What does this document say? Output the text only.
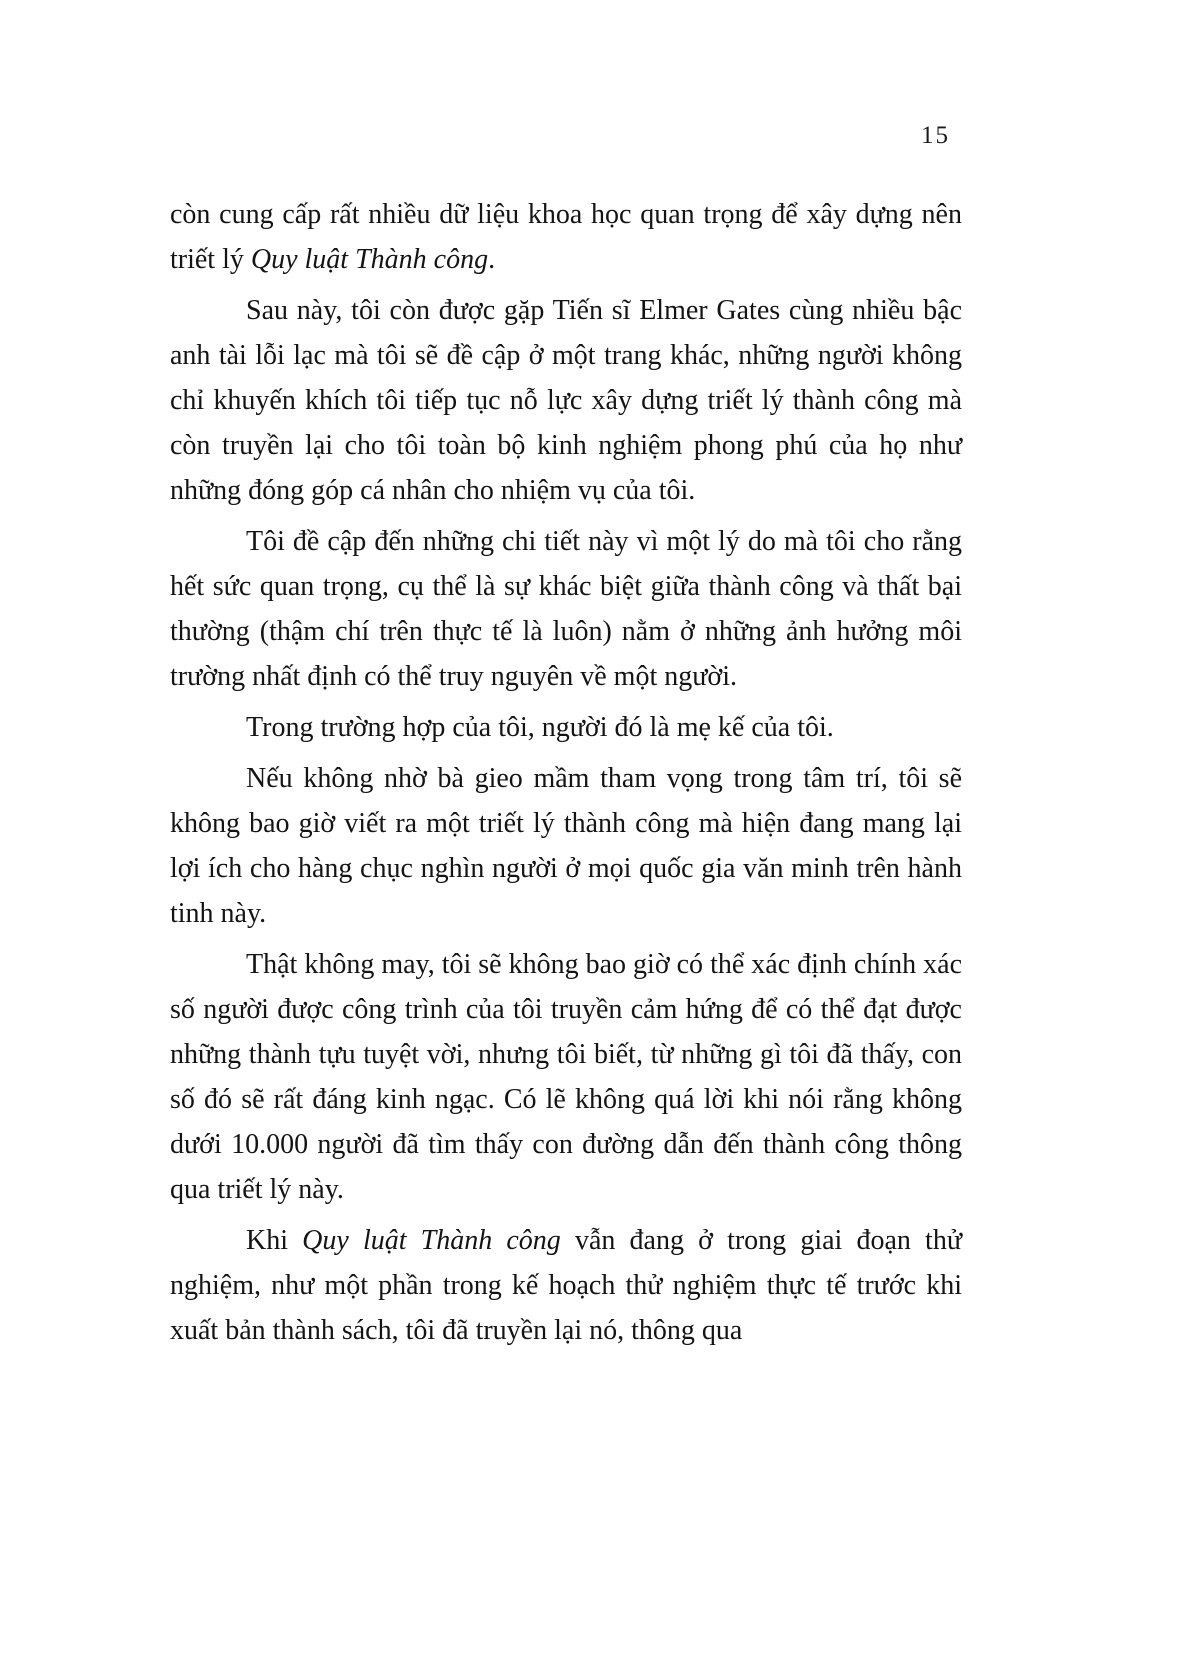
15

còn cung cấp rất nhiều dữ liệu khoa học quan trọng để xây dựng nên triết lý Quy luật Thành công.

Sau này, tôi còn được gặp Tiến sĩ Elmer Gates cùng nhiều bậc anh tài lỗi lạc mà tôi sẽ đề cập ở một trang khác, những người không chỉ khuyến khích tôi tiếp tục nỗ lực xây dựng triết lý thành công mà còn truyền lại cho tôi toàn bộ kinh nghiệm phong phú của họ như những đóng góp cá nhân cho nhiệm vụ của tôi.

Tôi đề cập đến những chi tiết này vì một lý do mà tôi cho rằng hết sức quan trọng, cụ thể là sự khác biệt giữa thành công và thất bại thường (thậm chí trên thực tế là luôn) nằm ở những ảnh hưởng môi trường nhất định có thể truy nguyên về một người.

Trong trường hợp của tôi, người đó là mẹ kế của tôi.

Nếu không nhờ bà gieo mầm tham vọng trong tâm trí, tôi sẽ không bao giờ viết ra một triết lý thành công mà hiện đang mang lại lợi ích cho hàng chục nghìn người ở mọi quốc gia văn minh trên hành tinh này.

Thật không may, tôi sẽ không bao giờ có thể xác định chính xác số người được công trình của tôi truyền cảm hứng để có thể đạt được những thành tựu tuyệt vời, nhưng tôi biết, từ những gì tôi đã thấy, con số đó sẽ rất đáng kinh ngạc. Có lẽ không quá lời khi nói rằng không dưới 10.000 người đã tìm thấy con đường dẫn đến thành công thông qua triết lý này.

Khi Quy luật Thành công vẫn đang ở trong giai đoạn thử nghiệm, như một phần trong kế hoạch thử nghiệm thực tế trước khi xuất bản thành sách, tôi đã truyền lại nó, thông qua
